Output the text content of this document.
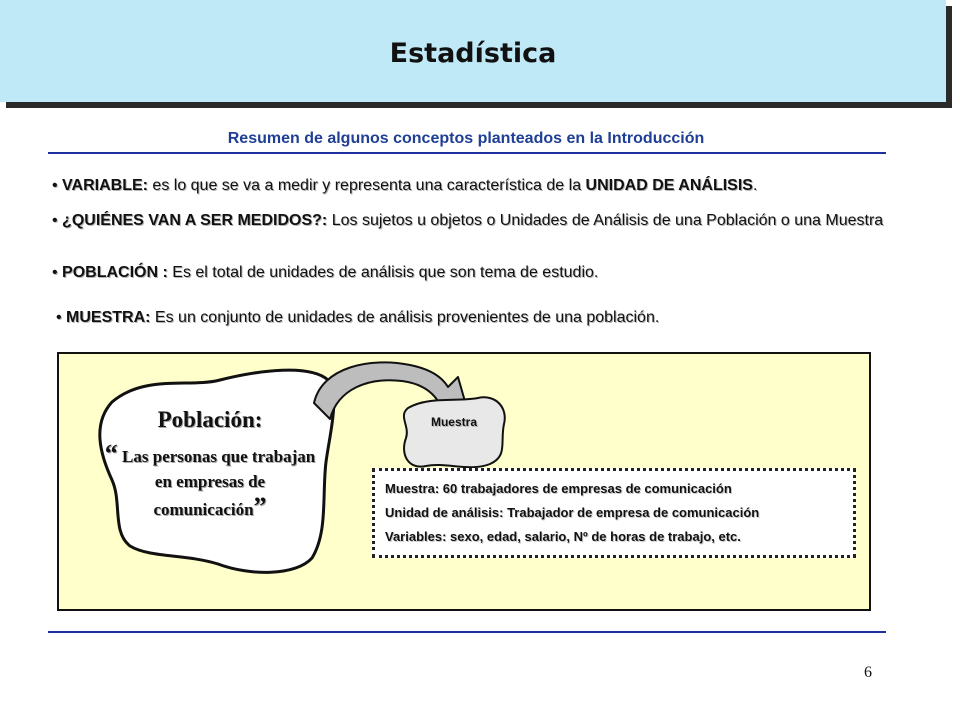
Estadística
Resumen de algunos conceptos planteados en la Introducción
• VARIABLE: es lo que se va a medir y representa una característica de la UNIDAD DE ANÁLISIS.
• ¿QUIÉNES VAN A SER MEDIDOS?: Los sujetos u objetos o Unidades de Análisis de una Población o una Muestra
• POBLACIÓN : Es el total de unidades de análisis que son tema de estudio.
• MUESTRA: Es un conjunto de unidades de análisis provenientes de una población.
Población:
“ Las personas que trabajan en empresas de comunicación”
Muestra
Muestra: 60 trabajadores de empresas de comunicación
Unidad de análisis: Trabajador de empresa de comunicación
Variables: sexo, edad, salario, Nº de horas de trabajo, etc.
6
